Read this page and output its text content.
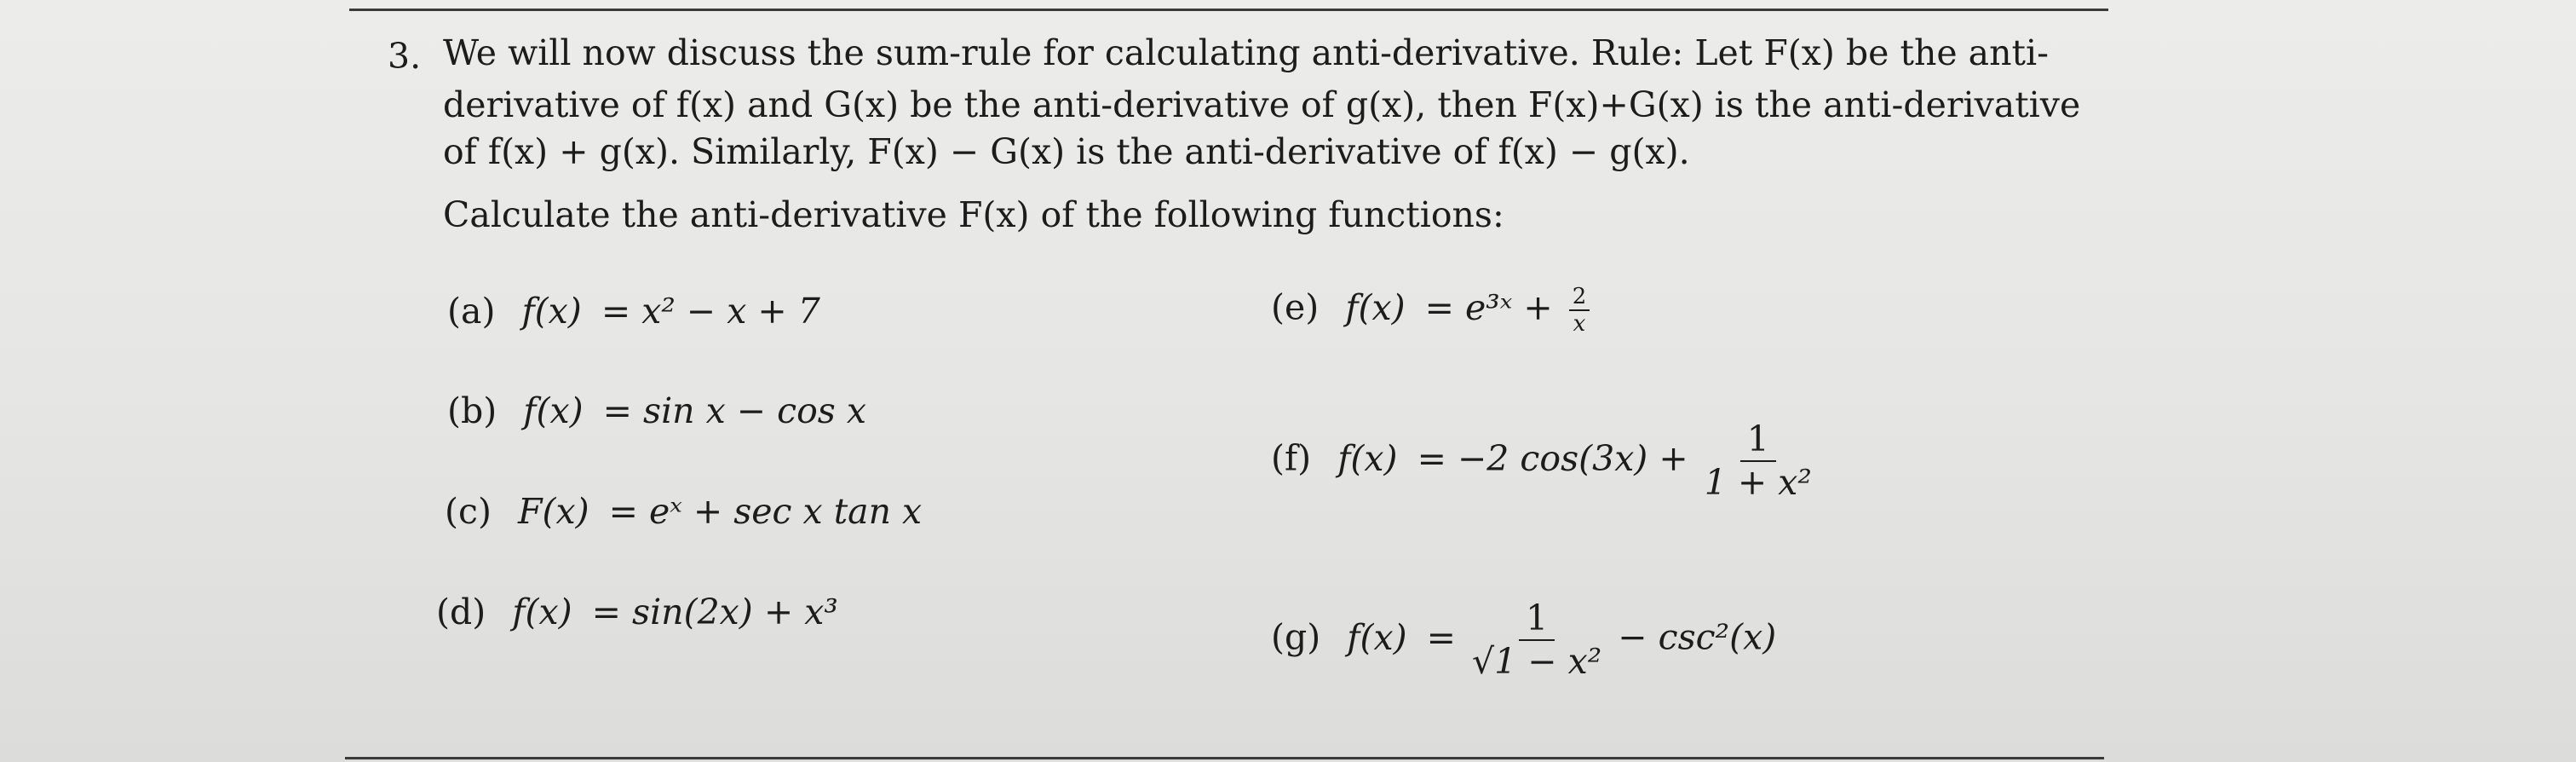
3. We will now discuss the sum-rule for calculating anti-derivative. Rule: Let F(x) be the anti-
derivative of f(x) and G(x) be the anti-derivative of g(x), then F(x)+G(x) is the anti-derivative
of f(x) + g(x). Similarly, F(x) − G(x) is the anti-derivative of f(x) − g(x).
Calculate the anti-derivative F(x) of the following functions:
(a) f(x) = x² − x + 7
(b) f(x) = sin x − cos x
(c) F(x) = eˣ + sec x tan x
(d) f(x) = sin(2x) + x³
(e) f(x) = e³ˣ + $\frac{2}{x}$
(f) f(x) = −2 $\cos(3x) + \frac{1}{\text{1 + x²}}$
(g) $f(x) = \frac{1}{\text{√1 − x²}} - \csc^2(x)$
